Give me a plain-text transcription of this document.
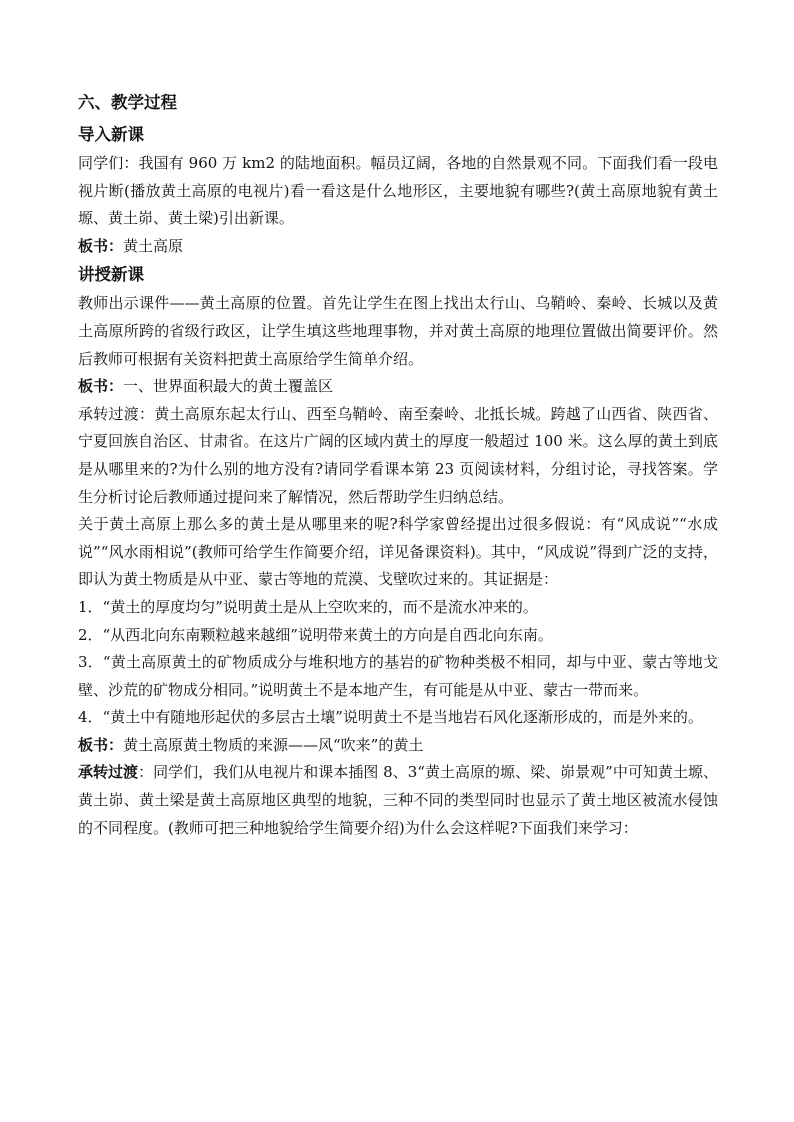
六、教学过程
导入新课

同学们：我国有 960 万 km2 的陆地面积。幅员辽阔，各地的自然景观不同。下面我们看一段电视片断(播放黄土高原的电视片)看一看这是什么地形区，主要地貌有哪些?(黄土高原地貌有黄土塬、黄土峁、黄土梁)引出新课。

板书：黄土高原

讲授新课

教师出示课件——黄土高原的位置。首先让学生在图上找出太行山、乌鞘岭、秦岭、长城以及黄土高原所跨的省级行政区，让学生填这些地理事物，并对黄土高原的地理位置做出简要评价。然后教师可根据有关资料把黄土高原给学生简单介绍。

板书：一、世界面积最大的黄土覆盖区

承转过渡：黄土高原东起太行山、西至乌鞘岭、南至秦岭、北抵长城。跨越了山西省、陕西省、宁夏回族自治区、甘肃省。在这片广阔的区域内黄土的厚度一般超过 100 米。这么厚的黄土到底是从哪里来的?为什么别的地方没有?请同学看课本第 23 页阅读材料，分组讨论，寻找答案。学生分析讨论后教师通过提问来了解情况，然后帮助学生归纳总结。

关于黄土高原上那么多的黄土是从哪里来的呢?科学家曾经提出过很多假说：有“风成说”“水成说”“风水雨相说”(教师可给学生作简要介绍，详见备课资料)。其中，“风成说”得到广泛的支持，即认为黄土物质是从中亚、蒙古等地的荒漠、戈壁吹过来的。其证据是：

1．“黄土的厚度均匀”说明黄土是从上空吹来的，而不是流水冲来的。

2．“从西北向东南颗粒越来越细”说明带来黄土的方向是自西北向东南。

3．“黄土高原黄土的矿物质成分与堆积地方的基岩的矿物种类极不相同，却与中亚、蒙古等地戈壁、沙荒的矿物成分相同。”说明黄土不是本地产生，有可能是从中亚、蒙古一带而来。

4．“黄土中有随地形起伏的多层古土壤”说明黄土不是当地岩石风化逐渐形成的，而是外来的。

板书：黄土高原黄土物质的来源——风“吹来”的黄土

承转过渡：同学们，我们从电视片和课本插图 8、3“黄土高原的塬、梁、峁景观”中可知黄土塬、黄土峁、黄土梁是黄土高原地区典型的地貌，三种不同的类型同时也显示了黄土地区被流水侵蚀的不同程度。(教师可把三种地貌给学生简要介绍)为什么会这样呢?下面我们来学习：
